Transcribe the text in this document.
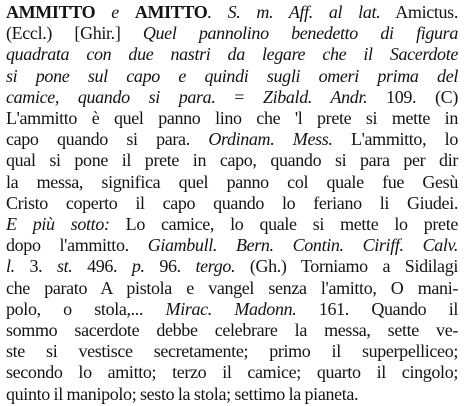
AMMITTO e AMITTO. S. m. Aff. al lat. Amictus.
(Eccl.) [Ghir.] Quel pannolino benedetto di figura
quadrata con due nastri da legare che il Sacerdote
si pone sul capo e quindi sugli omeri prima del
camice, quando si para. = Zibald. Andr. 109. (C)
L'ammitto è quel panno lino che 'l prete si mette in
capo quando si para. Ordinam. Mess. L'ammitto, lo
qual si pone il prete in capo, quando si para per dir
la messa, significa quel panno col quale fue Gesù
Cristo coperto il capo quando lo feriano li Giudei.
E più sotto: Lo camice, lo quale si mette lo prete
dopo l'ammitto. Giambull. Bern. Contin. Ciriff. Calv.
l. 3. st. 496. p. 96. tergo. (Gh.) Torniamo a Sidilagi
che parato A pistola e vangel senza l'amitto, O mani-
polo, o stola,... Mirac. Madonn. 161. Quando il
sommo sacerdote debbe celebrare la messa, sette ve-
ste si vestisce secretamente; primo il superpelliceo;
secondo lo amitto; terzo il camice; quarto il cingolo;
quinto il manipolo; sesto la stola; settimo la pianeta.
